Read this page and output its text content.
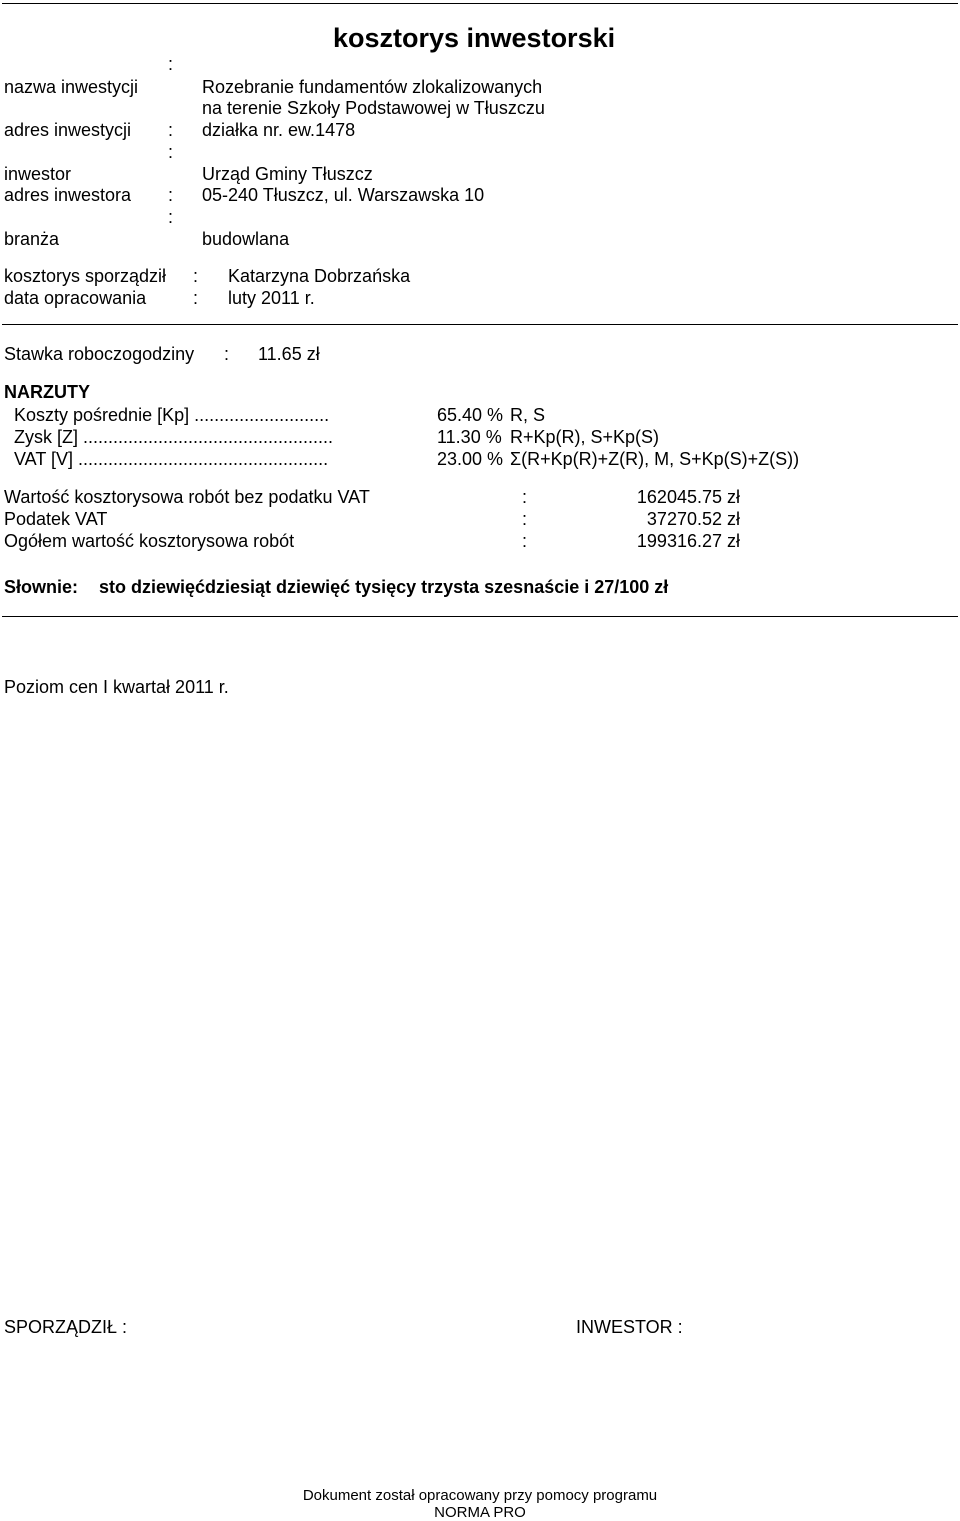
kosztorys inwestorski
:
nazwa inwestycji	Rozebranie fundamentów zlokalizowanych
na terenie Szkoły Podstawowej w Tłuszczu
adres inwestycji : działka nr. ew.1478
:
inwestor	Urząd Gminy Tłuszcz
adres inwestora : 05-240 Tłuszcz, ul. Warszawska 10
:
branża	budowlana
kosztorys sporządził : Katarzyna Dobrzańska
data opracowania	: luty 2011 r.
Stawka roboczogodziny : 11.65 zł
NARZUTY
Koszty pośrednie [Kp] ...........................	65.40 % R, S
Zysk [Z] ..................................................	11.30 % R+Kp(R), S+Kp(S)
VAT [V] ..................................................	23.00 % Σ(R+Kp(R)+Z(R), M, S+Kp(S)+Z(S))
Wartość kosztorysowa robót bez podatku VAT	:	162045.75 zł
Podatek VAT	:	37270.52 zł
Ogółem wartość kosztorysowa robót	:	199316.27 zł
Słownie: sto dziewięćdziesiąt dziewięć tysięcy trzysta szesnaście i 27/100 zł
Poziom cen I kwartał 2011 r.
SPORZĄDZIŁ :	INWESTOR :
Dokument został opracowany przy pomocy programu
NORMA PRO
